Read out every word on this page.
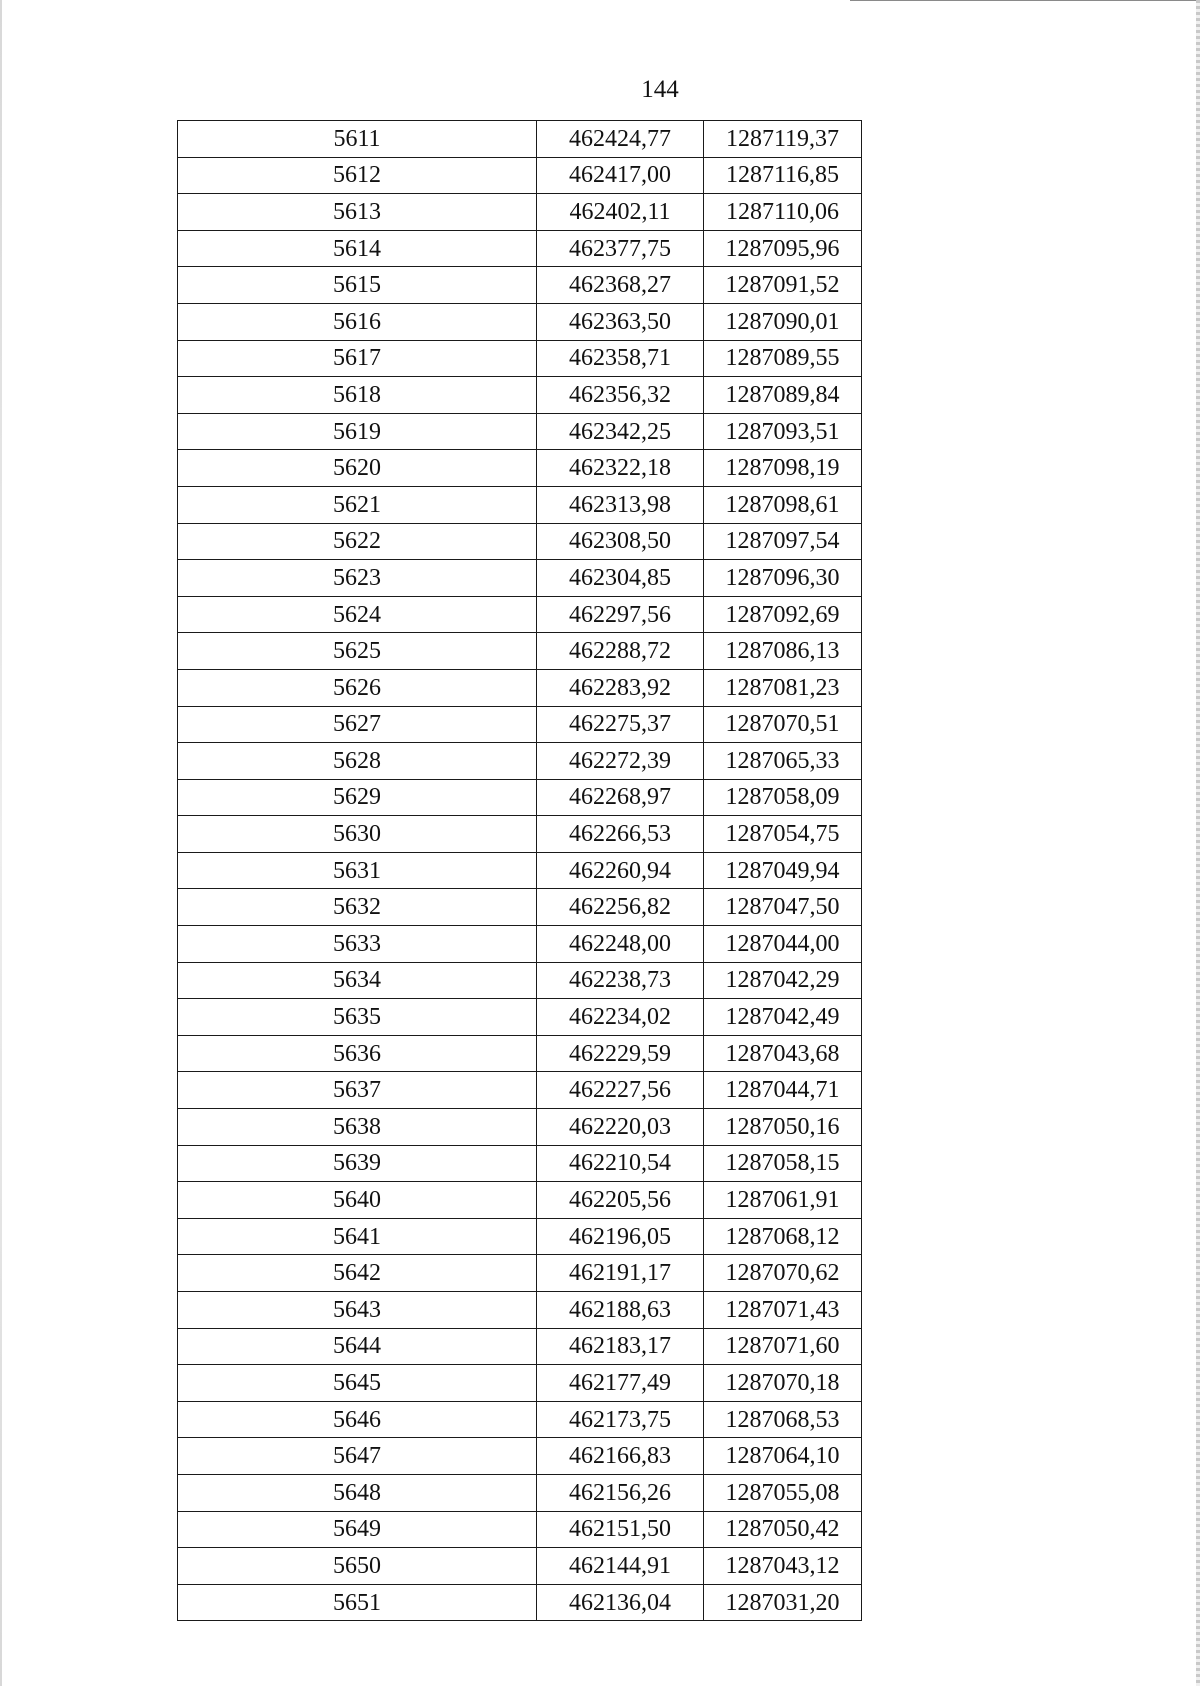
144
5611	462424,77	1287119,37
5612	462417,00	1287116,85
5613	462402,11	1287110,06
5614	462377,75	1287095,96
5615	462368,27	1287091,52
5616	462363,50	1287090,01
5617	462358,71	1287089,55
5618	462356,32	1287089,84
5619	462342,25	1287093,51
5620	462322,18	1287098,19
5621	462313,98	1287098,61
5622	462308,50	1287097,54
5623	462304,85	1287096,30
5624	462297,56	1287092,69
5625	462288,72	1287086,13
5626	462283,92	1287081,23
5627	462275,37	1287070,51
5628	462272,39	1287065,33
5629	462268,97	1287058,09
5630	462266,53	1287054,75
5631	462260,94	1287049,94
5632	462256,82	1287047,50
5633	462248,00	1287044,00
5634	462238,73	1287042,29
5635	462234,02	1287042,49
5636	462229,59	1287043,68
5637	462227,56	1287044,71
5638	462220,03	1287050,16
5639	462210,54	1287058,15
5640	462205,56	1287061,91
5641	462196,05	1287068,12
5642	462191,17	1287070,62
5643	462188,63	1287071,43
5644	462183,17	1287071,60
5645	462177,49	1287070,18
5646	462173,75	1287068,53
5647	462166,83	1287064,10
5648	462156,26	1287055,08
5649	462151,50	1287050,42
5650	462144,91	1287043,12
5651	462136,04	1287031,20
